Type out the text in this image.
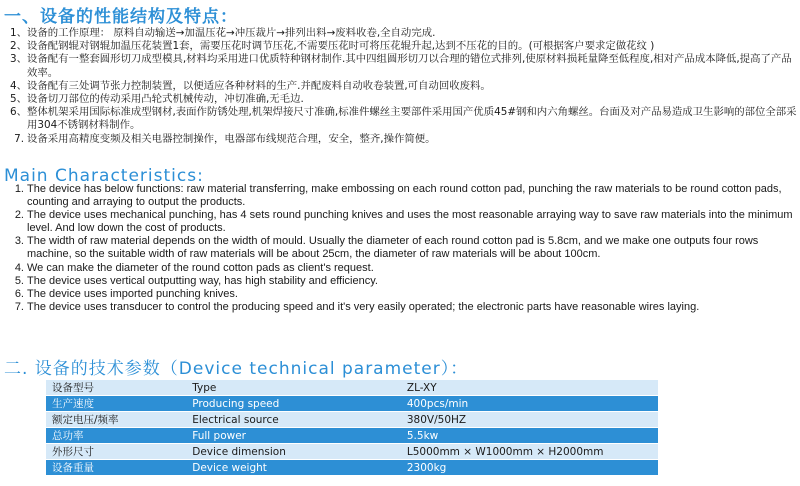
一、设备的性能结构及特点：
1、 设备的工作原理： 原料自动输送→加温压花→冲压裁片→排列出料→废料收卷,全自动完成.
2、 设备配钢辊对钢辊加温压花装置1套，需要压花时调节压花,不需要压花时可将压花辊升起,达到不压花的目的。(可根据客户要求定做花纹 )
3、 设备配有一整套圆形切刀成型模具,材料均采用进口优质特种钢材制作.其中四组圆形切刀以合理的错位式排列,使原材料损耗量降至低程度,相对产品成本降低,提高了产品效率。
4、 设备配有三处调节张力控制装置，以便适应各种材料的生产.并配废料自动收卷装置,可自动回收废料。
5、 设备切刀部位的传动采用凸轮式机械传动，冲切准确,无毛边.
6、 整体机架采用国际标准成型钢材,表面作防锈处理,机架焊接尺寸准确,标准件螺丝主要部件采用国产优质45#钢和内六角螺丝。台面及对产品易造成卫生影响的部位全部采用304不锈钢材料制作。
7. 设备采用高精度变频及相关电器控制操作，电器部布线规范合理，安全，整齐,操作简便。
Main Characteristics:
1. The device has below functions: raw material transferring, make embossing on each round cotton pad, punching the raw materials to be round cotton pads, counting and arraying to output the products.
2. The device uses mechanical punching, has 4 sets round punching knives and uses the most reasonable arraying way to save raw materials into the minimum level. And low down the cost of products.
3. The width of raw material depends on the width of mould. Usually the diameter of each round cotton pad is 5.8cm, and we make one outputs four rows machine, so the suitable width of raw materials will be about 25cm, the diameter of raw materials will be about 100cm.
4. We can make the diameter of the round cotton pads as client's request.
5. The device uses vertical outputting way, has high stability and efficiency.
6. The device uses imported punching knives.
7. The device uses transducer to control the producing speed and it's very easily operated; the electronic parts have reasonable wires laying.
二. 设备的技术参数（Device technical parameter）：
设备型号	Type	ZL-XY
生产速度	Producing speed	400pcs/min
额定电压/频率	Electrical source	380V/50HZ
总功率	Full power	5.5kw
外形尺寸	Device dimension	L5000mm × W1000mm × H2000mm
设备重量	Device weight	2300kg
